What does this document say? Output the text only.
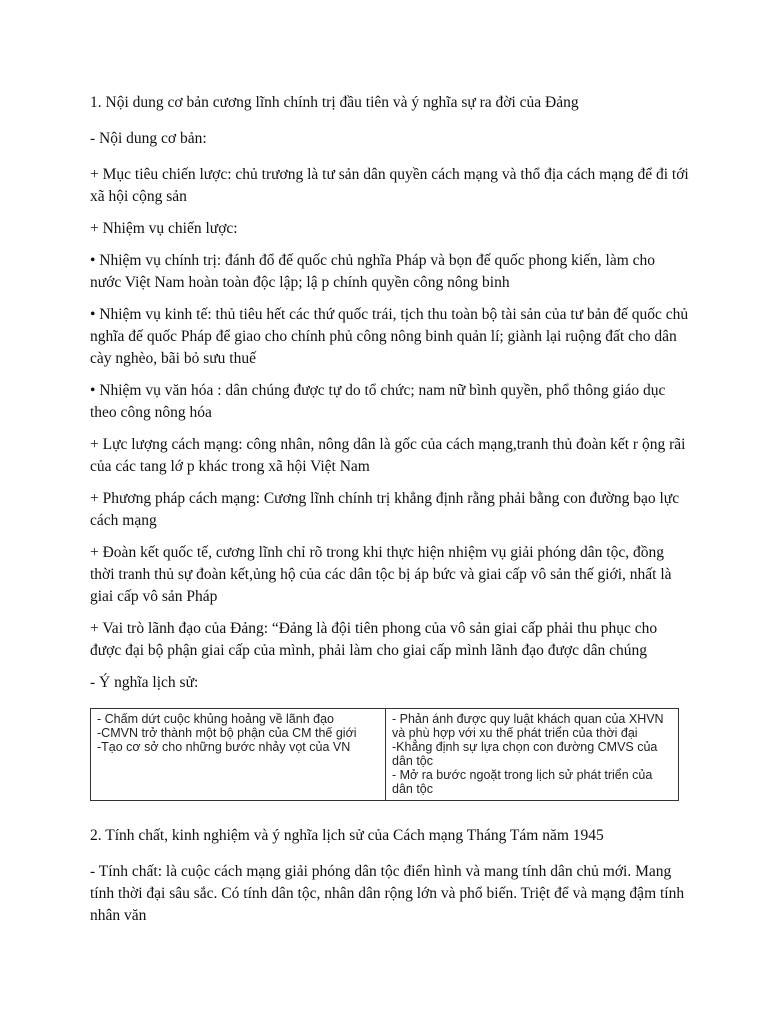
1. Nội dung cơ bản cương lĩnh chính trị đầu tiên và ý nghĩa sự ra đời của Đảng

- Nội dung cơ bản:

+ Mục tiêu chiến lược: chủ trương là tư sản dân quyền cách mạng và thổ địa cách mạng để đi tới xã hội cộng sản

+ Nhiệm vụ chiến lược:

• Nhiệm vụ chính trị: đánh đổ đế quốc chủ nghĩa Pháp và bọn đế quốc phong kiến, làm cho nước Việt Nam hoàn toàn độc lập; lậ p chính quyền công nông binh

• Nhiệm vụ kinh tế: thủ tiêu hết các thứ quốc trái, tịch thu toàn bộ tài sản của tư bản đế quốc chủ nghĩa đế quốc Pháp để giao cho chính phủ công nông binh quản lí; giành lại ruộng đất cho dân cày nghèo, bãi bỏ sưu thuế

• Nhiệm vụ văn hóa : dân chúng được tự do tổ chức; nam nữ bình quyền, phổ thông giáo dục theo công nông hóa

+ Lực lượng cách mạng: công nhân, nông dân là gốc của cách mạng,tranh thủ đoàn kết r ộng rãi của các tang lớ p khác trong xã hội Việt Nam

+ Phương pháp cách mạng: Cương lĩnh chính trị khẳng định rằng phải bằng con đường bạo lực cách mạng

+ Đoàn kết quốc tế, cương lĩnh chỉ rõ trong khi thực hiện nhiệm vụ giải phóng dân tộc, đồng thời tranh thủ sự đoàn kết,ủng hộ của các dân tộc bị áp bức và giai cấp vô sản thế giới, nhất là giai cấp vô sản Pháp

+ Vai trò lãnh đạo của Đảng: “Đảng là đội tiên phong của vô sản giai cấp phải thu phục cho được đại bộ phận giai cấp của mình, phải làm cho giai cấp mình lãnh đạo được dân chúng

- Ý nghĩa lịch sử:

- Chấm dứt cuộc khủng hoảng về lãnh đạo
-CMVN trở thành một bộ phận của CM thế giới
-Tạo cơ sở cho những bước nhảy vọt của VN

- Phản ánh được quy luật khách quan của XHVN và phù hợp với xu thế phát triển của thời đại
-Khẳng định sự lựa chọn con đường CMVS của dân tộc
- Mở ra bước ngoặt trong lịch sử phát triển của dân tộc

2. Tính chất, kinh nghiệm và ý nghĩa lịch sử của Cách mạng Tháng Tám năm 1945

- Tính chất: là cuộc cách mạng giải phóng dân tộc điển hình và mang tính dân chủ mới. Mang tính thời đại sâu sắc. Có tính dân tộc, nhân dân rộng lớn và phổ biến. Triệt để và mạng đậm tính nhân văn
